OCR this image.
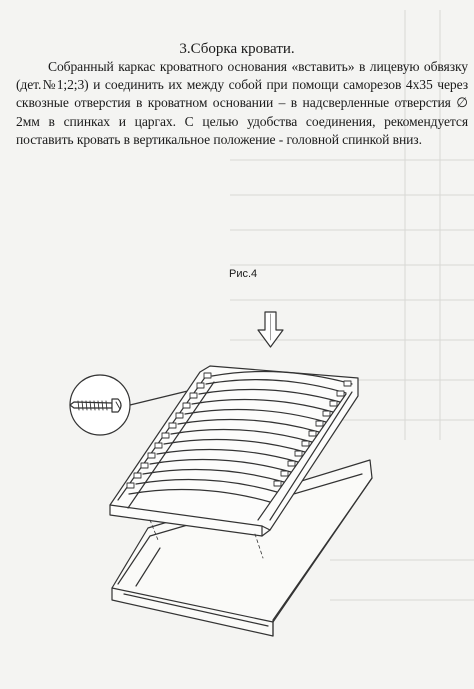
3.Сборка кровати.
Собранный каркас кроватного основания «вставить» в лицевую обвязку (дет.№1;2;3) и соединить их между собой при помощи саморезов 4х35 через сквозные отверстия в кроватном основании – в надсверленные отверстия ∅ 2мм в спинках и царгах. С целью удобства соединения, рекомендуется поставить кровать в вертикальное положение - головной спинкой вниз.
Рис.4
